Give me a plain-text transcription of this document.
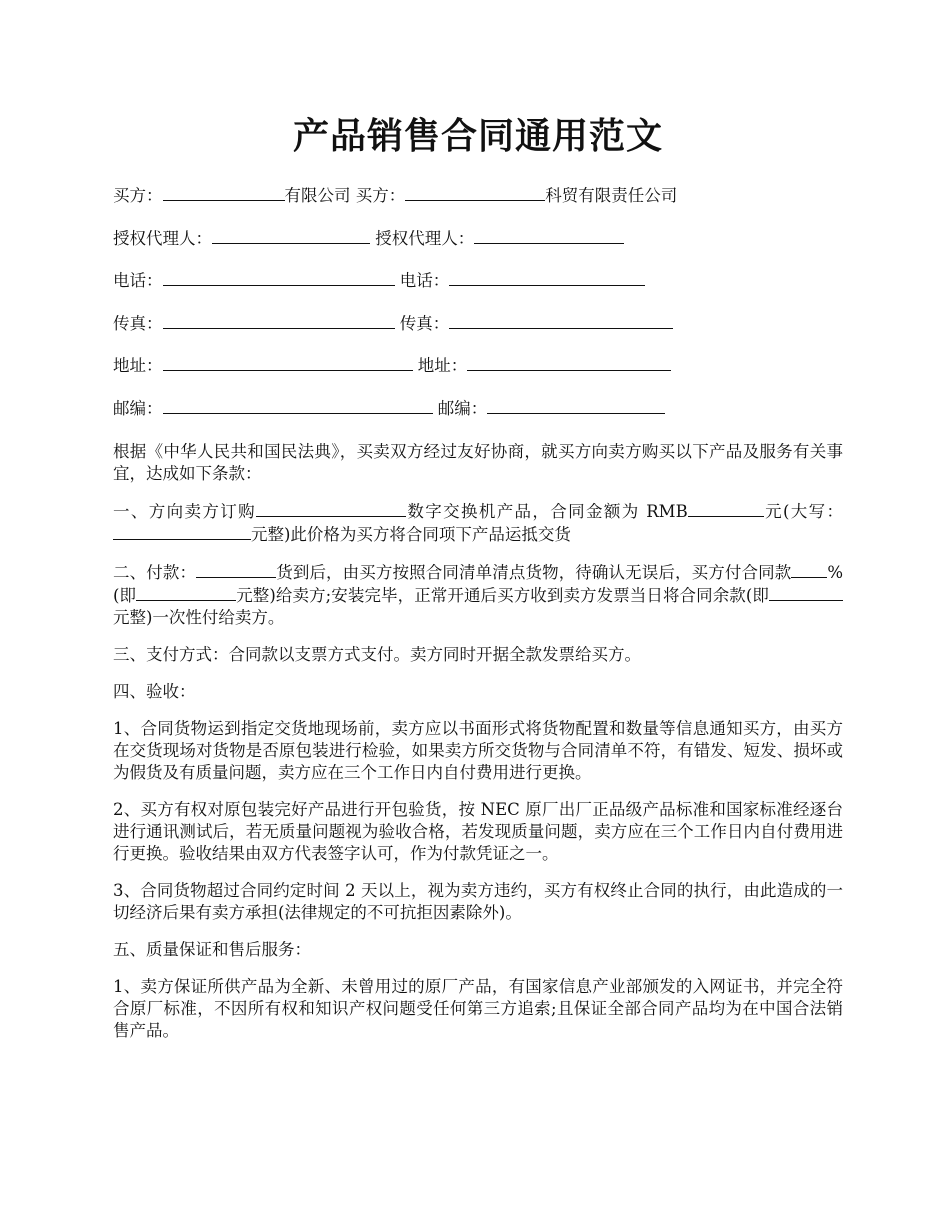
产品销售合同通用范文
买方：	有限公司 买方：	科贸有限责任公司
授权代理人：	授权代理人：
电话：	电话：
传真：	传真：
地址：	地址：
邮编：	邮编：
根据《中华人民共和国民法典》，买卖双方经过友好协商，就买方向卖方购买以下产品及服务有关事宜，达成如下条款：
一、方向卖方订购	数字交换机产品，合同金额为 RMB	元(大写：元整)此价格为买方将合同项下产品运抵交货
二、付款：	货到后，由买方按照合同清单清点货物，待确认无误后，买方付合同款 %(即	元整)给卖方;安装完毕，正常开通后买方收到卖方发票当日将合同余款(即元整)一次性付给卖方。
三、支付方式：合同款以支票方式支付。卖方同时开据全款发票给买方。
四、验收：
1、合同货物运到指定交货地现场前，卖方应以书面形式将货物配置和数量等信息通知买方，由买方在交货现场对货物是否原包装进行检验，如果卖方所交货物与合同清单不符，有错发、短发、损坏或为假货及有质量问题，卖方应在三个工作日内自付费用进行更换。
2、买方有权对原包装完好产品进行开包验货，按 NEC 原厂出厂正品级产品标准和国家标准经逐台进行通讯测试后，若无质量问题视为验收合格，若发现质量问题，卖方应在三个工作日内自付费用进行更换。验收结果由双方代表签字认可，作为付款凭证之一。
3、合同货物超过合同约定时间 2 天以上，视为卖方违约，买方有权终止合同的执行，由此造成的一切经济后果有卖方承担(法律规定的不可抗拒因素除外)。
五、质量保证和售后服务：
1、卖方保证所供产品为全新、未曾用过的原厂产品，有国家信息产业部颁发的入网证书，并完全符合原厂标准，不因所有权和知识产权问题受任何第三方追索;且保证全部合同产品均为在中国合法销售产品。
